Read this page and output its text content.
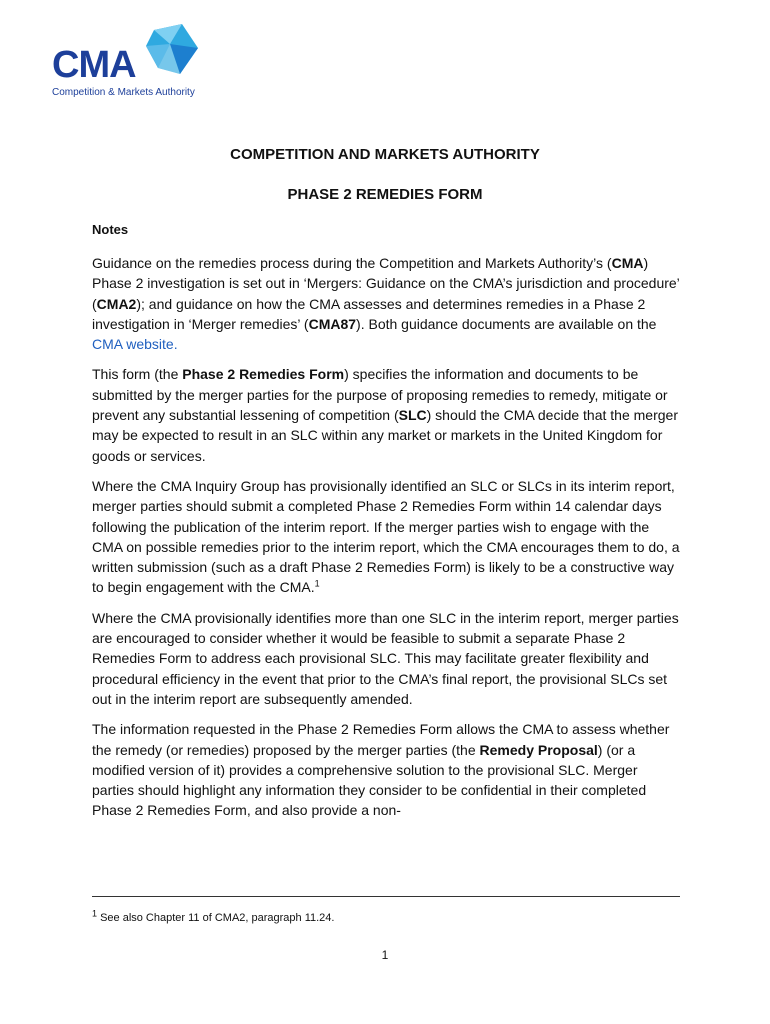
CMA
Competition & Markets Authority
COMPETITION AND MARKETS AUTHORITY
PHASE 2 REMEDIES FORM
Notes

Guidance on the remedies process during the Competition and Markets Authority’s (CMA) Phase 2 investigation is set out in ‘Mergers: Guidance on the CMA’s jurisdiction and procedure’ (CMA2); and guidance on how the CMA assesses and determines remedies in a Phase 2 investigation in ‘Merger remedies’ (CMA87). Both guidance documents are available on the CMA website.

This form (the Phase 2 Remedies Form) specifies the information and documents to be submitted by the merger parties for the purpose of proposing remedies to remedy, mitigate or prevent any substantial lessening of competition (SLC) should the CMA decide that the merger may be expected to result in an SLC within any market or markets in the United Kingdom for goods or services.

Where the CMA Inquiry Group has provisionally identified an SLC or SLCs in its interim report, merger parties should submit a completed Phase 2 Remedies Form within 14 calendar days following the publication of the interim report. If the merger parties wish to engage with the CMA on possible remedies prior to the interim report, which the CMA encourages them to do, a written submission (such as a draft Phase 2 Remedies Form) is likely to be a constructive way to begin engagement with the CMA.$^1$

Where the CMA provisionally identifies more than one SLC in the interim report, merger parties are encouraged to consider whether it would be feasible to submit a separate Phase 2 Remedies Form to address each provisional SLC. This may facilitate greater flexibility and procedural efficiency in the event that prior to the CMA’s final report, the provisional SLCs set out in the interim report are subsequently amended.

The information requested in the Phase 2 Remedies Form allows the CMA to assess whether the remedy (or remedies) proposed by the merger parties (the Remedy Proposal) (or a modified version of it) provides a comprehensive solution to the provisional SLC. Merger parties should highlight any information they consider to be confidential in their completed Phase 2 Remedies Form, and also provide a non-

$^1$ See also Chapter 11 of CMA2, paragraph 11.24.
1
